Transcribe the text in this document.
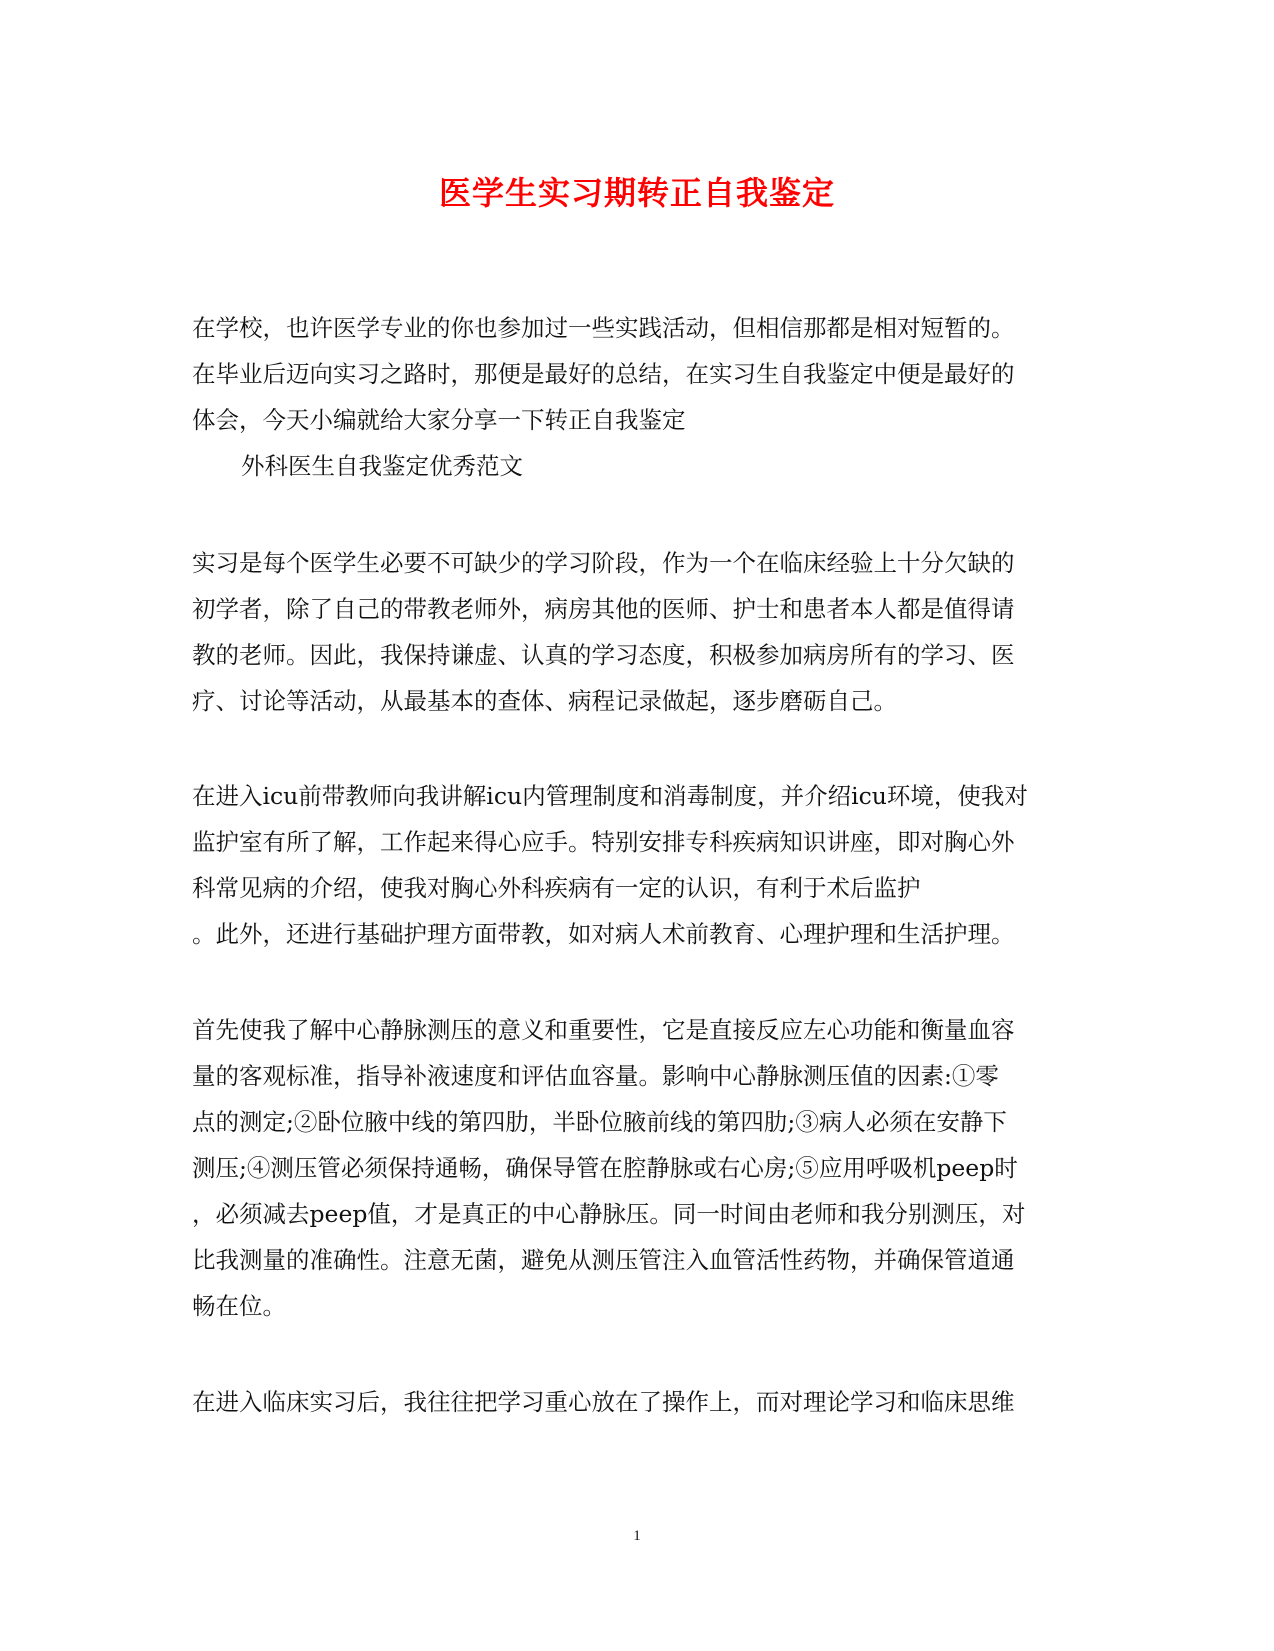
医学生实习期转正自我鉴定
在学校，也许医学专业的你也参加过一些实践活动，但相信那都是相对短暂的。
在毕业后迈向实习之路时，那便是最好的总结，在实习生自我鉴定中便是最好的
体会，今天小编就给大家分享一下转正自我鉴定
外科医生自我鉴定优秀范文
实习是每个医学生必要不可缺少的学习阶段，作为一个在临床经验上十分欠缺的
初学者，除了自己的带教老师外，病房其他的医师、护士和患者本人都是值得请
教的老师。因此，我保持谦虚、认真的学习态度，积极参加病房所有的学习、医
疗、讨论等活动，从最基本的查体、病程记录做起，逐步磨砺自己。
在进入icu前带教师向我讲解icu内管理制度和消毒制度，并介绍icu环境，使我对
监护室有所了解，工作起来得心应手。特别安排专科疾病知识讲座，即对胸心外
科常见病的介绍，使我对胸心外科疾病有一定的认识，有利于术后监护
。此外，还进行基础护理方面带教，如对病人术前教育、心理护理和生活护理。
首先使我了解中心静脉测压的意义和重要性，它是直接反应左心功能和衡量血容
量的客观标准，指导补液速度和评估血容量。影响中心静脉测压值的因素:①零
点的测定;②卧位腋中线的第四肋，半卧位腋前线的第四肋;③病人必须在安静下
测压;④测压管必须保持通畅，确保导管在腔静脉或右心房;⑤应用呼吸机peep时
，必须减去peep值，才是真正的中心静脉压。同一时间由老师和我分别测压，对
比我测量的准确性。注意无菌，避免从测压管注入血管活性药物，并确保管道通
畅在位。
在进入临床实习后，我往往把学习重心放在了操作上，而对理论学习和临床思维
1
